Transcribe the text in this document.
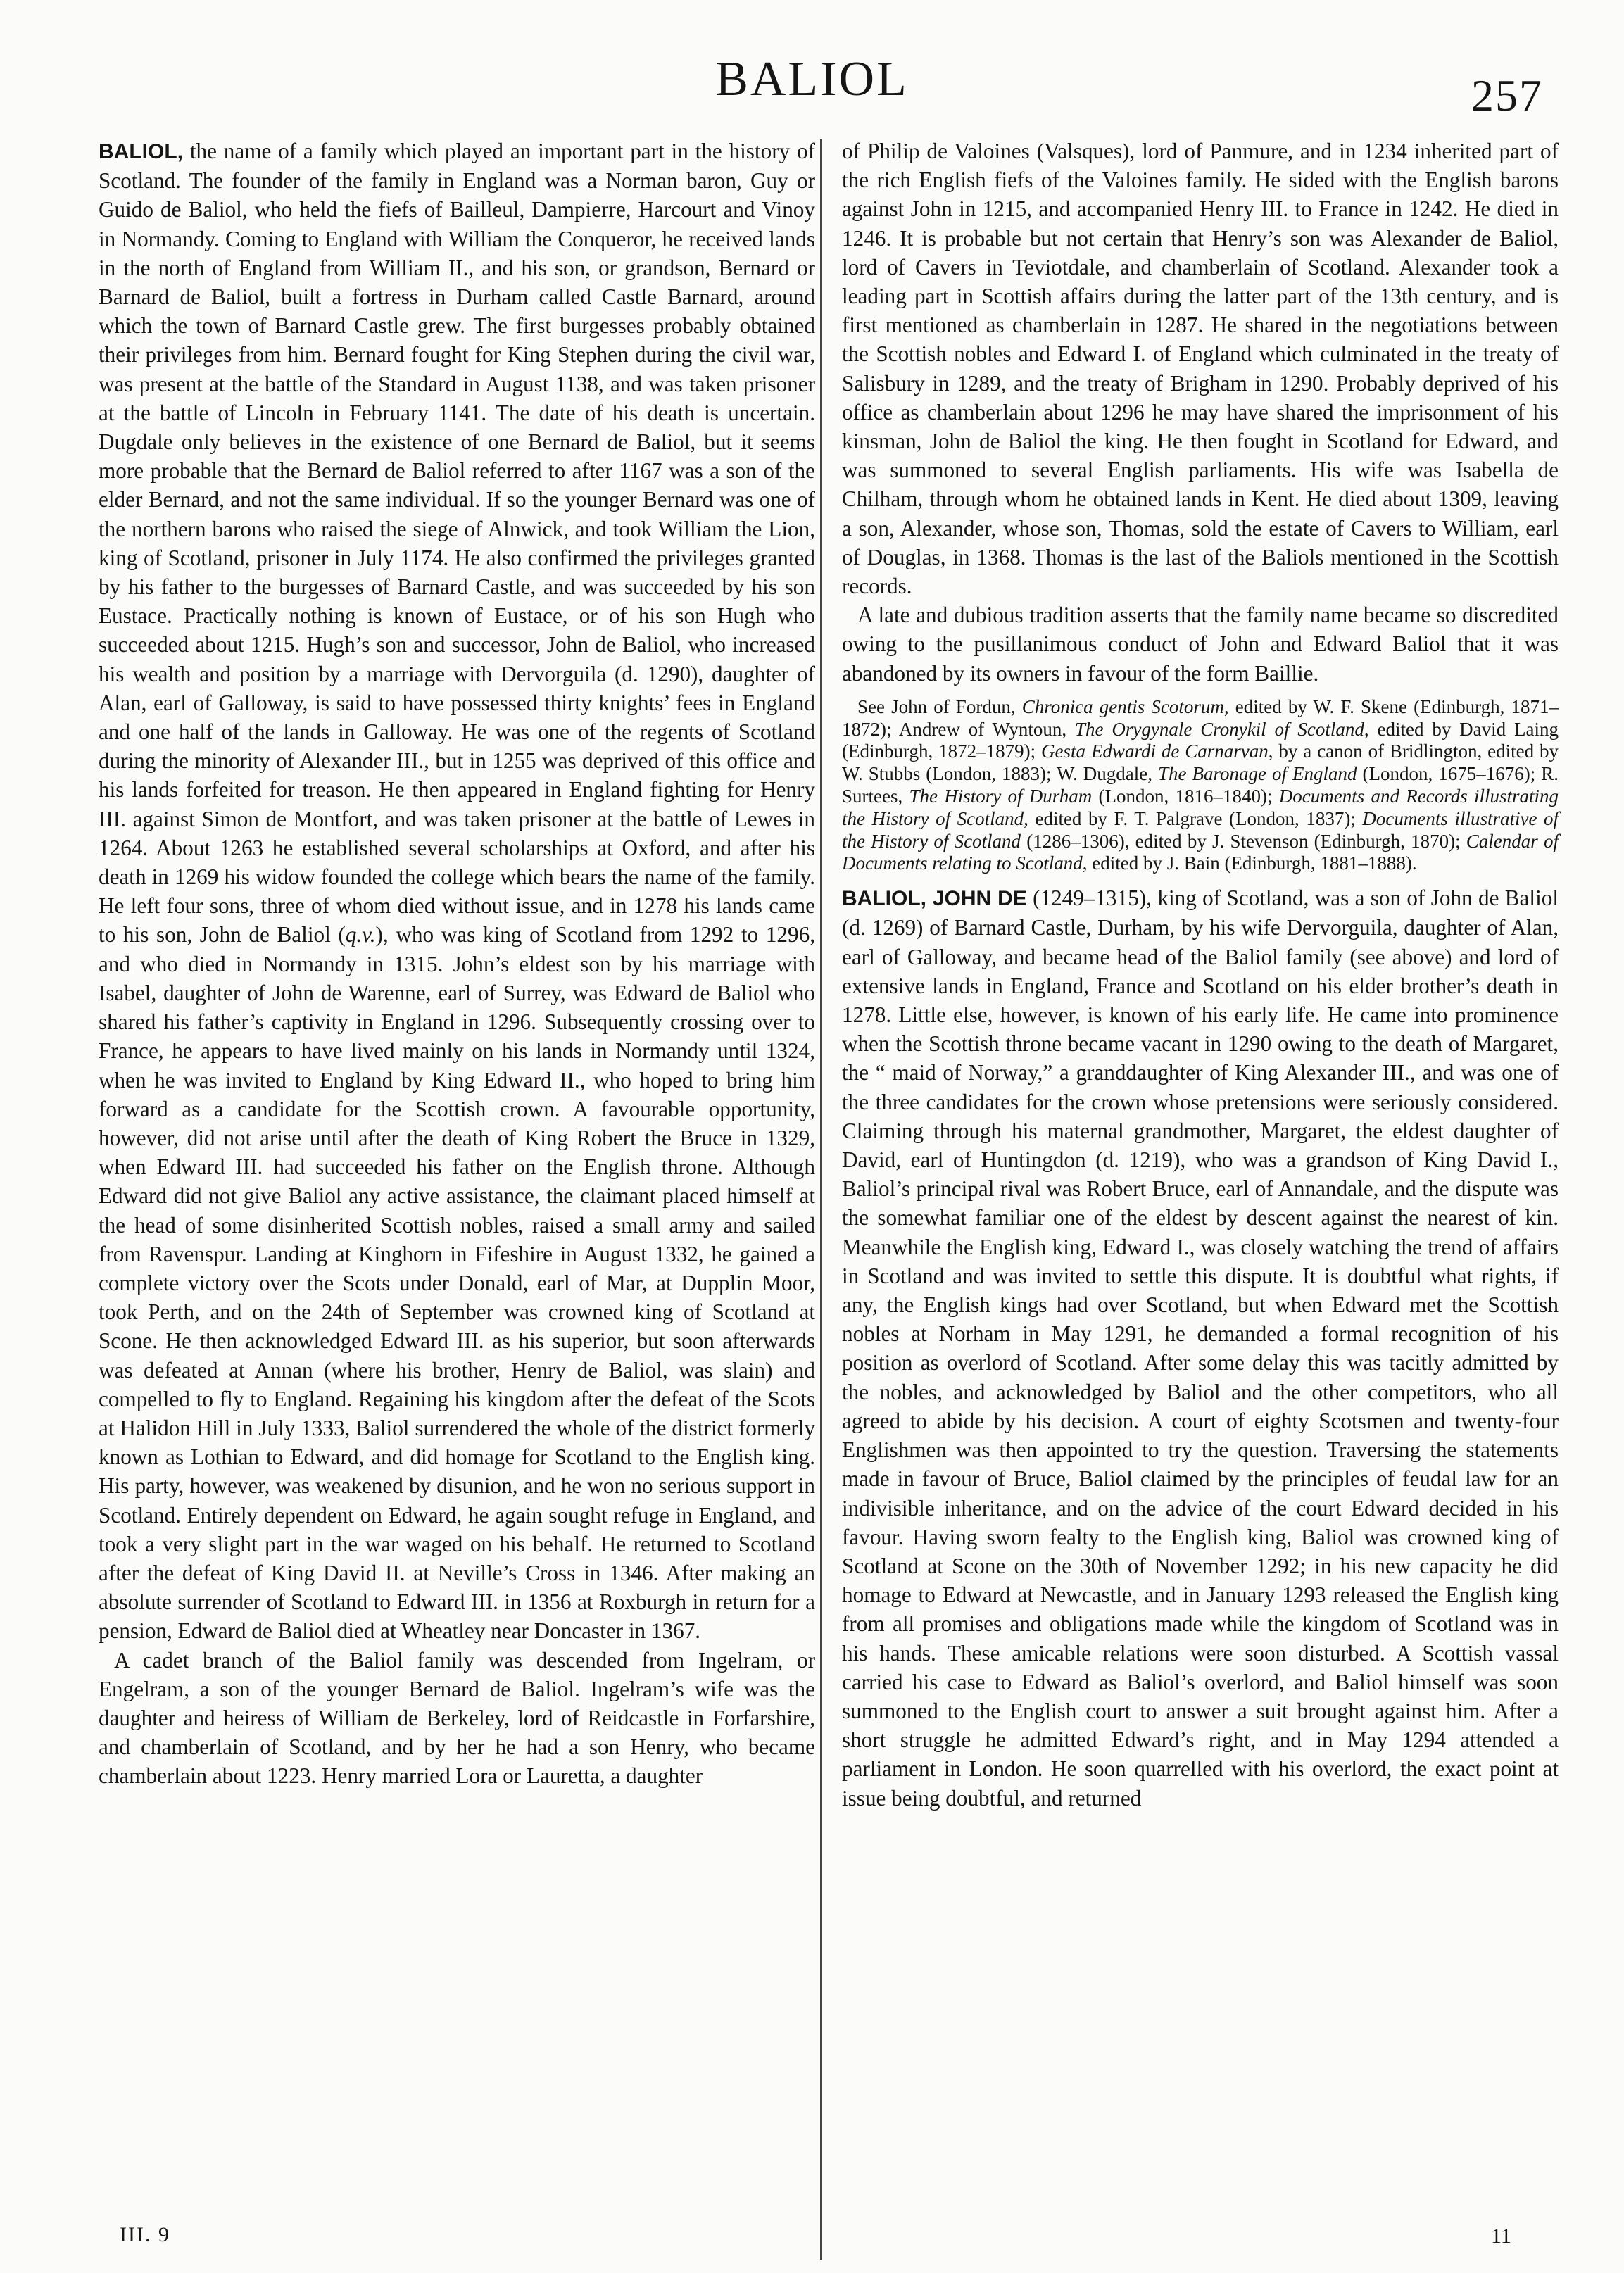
BALIOL	257

BALIOL, the name of a family which played an important part in the history of Scotland. The founder of the family in England was a Norman baron, Guy or Guido de Baliol, who held the fiefs of Bailleul, Dampierre, Harcourt and Vinoy in Normandy. Coming to England with William the Conqueror, he received lands in the north of England from William II., and his son, or grandson, Bernard or Barnard de Baliol, built a fortress in Durham called Castle Barnard, around which the town of Barnard Castle grew. The first burgesses probably obtained their privileges from him. Bernard fought for King Stephen during the civil war, was present at the battle of the Standard in August 1138, and was taken prisoner at the battle of Lincoln in February 1141. The date of his death is uncertain. Dugdale only believes in the existence of one Bernard de Baliol, but it seems more probable that the Bernard de Baliol referred to after 1167 was a son of the elder Bernard, and not the same individual. If so the younger Bernard was one of the northern barons who raised the siege of Alnwick, and took William the Lion, king of Scotland, prisoner in July 1174. He also confirmed the privileges granted by his father to the burgesses of Barnard Castle, and was succeeded by his son Eustace. Practically nothing is known of Eustace, or of his son Hugh who succeeded about 1215. Hugh’s son and successor, John de Baliol, who increased his wealth and position by a marriage with Dervorguila (d. 1290), daughter of Alan, earl of Galloway, is said to have possessed thirty knights’ fees in England and one half of the lands in Galloway. He was one of the regents of Scotland during the minority of Alexander III., but in 1255 was deprived of this office and his lands forfeited for treason. He then appeared in England fighting for Henry III. against Simon de Montfort, and was taken prisoner at the battle of Lewes in 1264. About 1263 he established several scholarships at Oxford, and after his death in 1269 his widow founded the college which bears the name of the family. He left four sons, three of whom died without issue, and in 1278 his lands came to his son, John de Baliol (q.v.), who was king of Scotland from 1292 to 1296, and who died in Normandy in 1315. John’s eldest son by his marriage with Isabel, daughter of John de Warenne, earl of Surrey, was Edward de Baliol who shared his father’s captivity in England in 1296. Subsequently crossing over to France, he appears to have lived mainly on his lands in Normandy until 1324, when he was invited to England by King Edward II., who hoped to bring him forward as a candidate for the Scottish crown. A favourable opportunity, however, did not arise until after the death of King Robert the Bruce in 1329, when Edward III. had succeeded his father on the English throne. Although Edward did not give Baliol any active assistance, the claimant placed himself at the head of some disinherited Scottish nobles, raised a small army and sailed from Ravenspur. Landing at Kinghorn in Fifeshire in August 1332, he gained a complete victory over the Scots under Donald, earl of Mar, at Dupplin Moor, took Perth, and on the 24th of September was crowned king of Scotland at Scone. He then acknowledged Edward III. as his superior, but soon afterwards was defeated at Annan (where his brother, Henry de Baliol, was slain) and compelled to fly to England. Regaining his kingdom after the defeat of the Scots at Halidon Hill in July 1333, Baliol surrendered the whole of the district formerly known as Lothian to Edward, and did homage for Scotland to the English king. His party, however, was weakened by disunion, and he won no serious support in Scotland. Entirely dependent on Edward, he again sought refuge in England, and took a very slight part in the war waged on his behalf. He returned to Scotland after the defeat of King David II. at Neville’s Cross in 1346. After making an absolute surrender of Scotland to Edward III. in 1356 at Roxburgh in return for a pension, Edward de Baliol died at Wheatley near Doncaster in 1367.

A cadet branch of the Baliol family was descended from Ingelram, or Engelram, a son of the younger Bernard de Baliol. Ingelram’s wife was the daughter and heiress of William de Berkeley, lord of Reidcastle in Forfarshire, and chamberlain of Scotland, and by her he had a son Henry, who became chamberlain about 1223. Henry married Lora or Lauretta, a daughter

of Philip de Valoines (Valsques), lord of Panmure, and in 1234 inherited part of the rich English fiefs of the Valoines family. He sided with the English barons against John in 1215, and accompanied Henry III. to France in 1242. He died in 1246. It is probable but not certain that Henry’s son was Alexander de Baliol, lord of Cavers in Teviotdale, and chamberlain of Scotland. Alexander took a leading part in Scottish affairs during the latter part of the 13th century, and is first mentioned as chamberlain in 1287. He shared in the negotiations between the Scottish nobles and Edward I. of England which culminated in the treaty of Salisbury in 1289, and the treaty of Brigham in 1290. Probably deprived of his office as chamberlain about 1296 he may have shared the imprisonment of his kinsman, John de Baliol the king. He then fought in Scotland for Edward, and was summoned to several English parliaments. His wife was Isabella de Chilham, through whom he obtained lands in Kent. He died about 1309, leaving a son, Alexander, whose son, Thomas, sold the estate of Cavers to William, earl of Douglas, in 1368. Thomas is the last of the Baliols mentioned in the Scottish records.

A late and dubious tradition asserts that the family name became so discredited owing to the pusillanimous conduct of John and Edward Baliol that it was abandoned by its owners in favour of the form Baillie.

See John of Fordun, Chronica gentis Scotorum, edited by W. F. Skene (Edinburgh, 1871–1872); Andrew of Wyntoun, The Orygynale Cronykil of Scotland, edited by David Laing (Edinburgh, 1872–1879); Gesta Edwardi de Carnarvan, by a canon of Bridlington, edited by W. Stubbs (London, 1883); W. Dugdale, The Baronage of England (London, 1675–1676); R. Surtees, The History of Durham (London, 1816–1840); Documents and Records illustrating the History of Scotland, edited by F. T. Palgrave (London, 1837); Documents illustrative of the History of Scotland (1286–1306), edited by J. Stevenson (Edinburgh, 1870); Calendar of Documents relating to Scotland, edited by J. Bain (Edinburgh, 1881–1888).

BALIOL, JOHN DE (1249–1315), king of Scotland, was a son of John de Baliol (d. 1269) of Barnard Castle, Durham, by his wife Dervorguila, daughter of Alan, earl of Galloway, and became head of the Baliol family (see above) and lord of extensive lands in England, France and Scotland on his elder brother’s death in 1278. Little else, however, is known of his early life. He came into prominence when the Scottish throne became vacant in 1290 owing to the death of Margaret, the “ maid of Norway,” a granddaughter of King Alexander III., and was one of the three candidates for the crown whose pretensions were seriously considered. Claiming through his maternal grandmother, Margaret, the eldest daughter of David, earl of Huntingdon (d. 1219), who was a grandson of King David I., Baliol’s principal rival was Robert Bruce, earl of Annandale, and the dispute was the somewhat familiar one of the eldest by descent against the nearest of kin. Meanwhile the English king, Edward I., was closely watching the trend of affairs in Scotland and was invited to settle this dispute. It is doubtful what rights, if any, the English kings had over Scotland, but when Edward met the Scottish nobles at Norham in May 1291, he demanded a formal recognition of his position as overlord of Scotland. After some delay this was tacitly admitted by the nobles, and acknowledged by Baliol and the other competitors, who all agreed to abide by his decision. A court of eighty Scotsmen and twenty-four Englishmen was then appointed to try the question. Traversing the statements made in favour of Bruce, Baliol claimed by the principles of feudal law for an indivisible inheritance, and on the advice of the court Edward decided in his favour. Having sworn fealty to the English king, Baliol was crowned king of Scotland at Scone on the 30th of November 1292; in his new capacity he did homage to Edward at Newcastle, and in January 1293 released the English king from all promises and obligations made while the kingdom of Scotland was in his hands. These amicable relations were soon disturbed. A Scottish vassal carried his case to Edward as Baliol’s overlord, and Baliol himself was soon summoned to the English court to answer a suit brought against him. After a short struggle he admitted Edward’s right, and in May 1294 attended a parliament in London. He soon quarrelled with his overlord, the exact point at issue being doubtful, and returned

III. 9	11
